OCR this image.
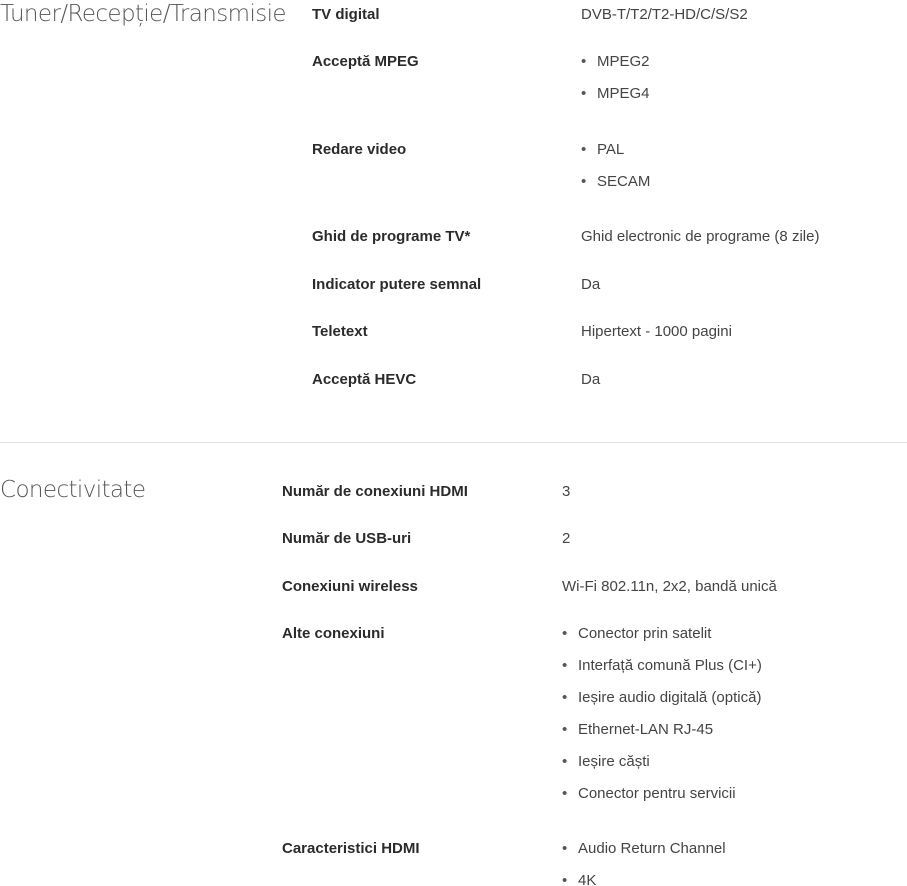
Tuner/Recepție/Transmisie TV digital	DVB-T/T2/T2-HD/C/S/S2
Acceptă MPEG	• MPEG2
• MPEG4
Redare video	• PAL
• SECAM
Ghid de programe TV*	Ghid electronic de programe (8 zile)
Indicator putere semnal	Da
Teletext	Hipertext - 1000 pagini
Acceptă HEVC	Da
Conectivitate	Număr de conexiuni HDMI	3
Număr de USB-uri	2
Conexiuni wireless	Wi-Fi 802.11n, 2x2, bandă unică
Alte conexiuni	• Conector prin satelit
• Interfață comună Plus (CI+)
• Ieșire audio digitală (optică)
• Ethernet-LAN RJ-45
• Ieșire căști
• Conector pentru servicii
Caracteristici HDMI	• Audio Return Channel
• 4K
